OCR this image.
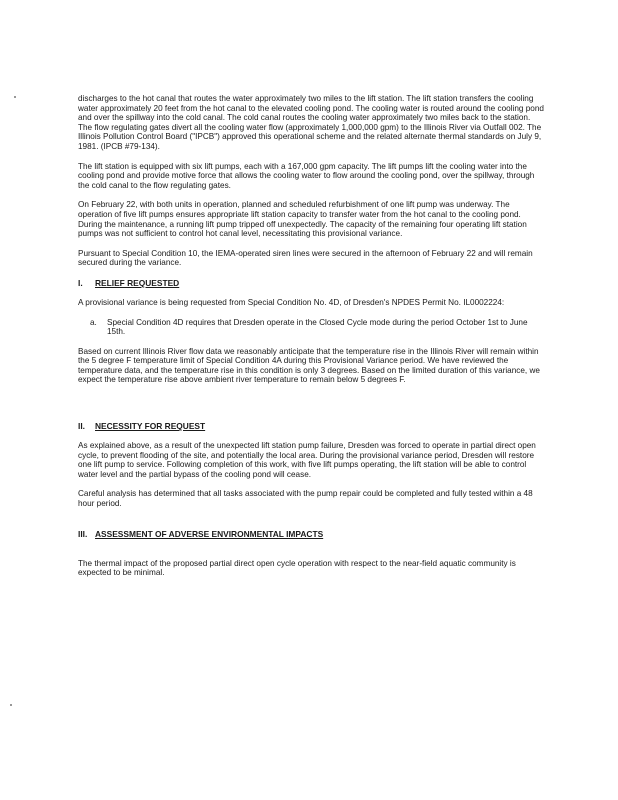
discharges to the hot canal that routes the water approximately two miles to the lift station. The lift station transfers the cooling water approximately 20 feet from the hot canal to the elevated cooling pond. The cooling water is routed around the cooling pond and over the spillway into the cold canal. The cold canal routes the cooling water approximately two miles back to the station. The flow regulating gates divert all the cooling water flow (approximately 1,000,000 gpm) to the Illinois River via Outfall 002. The Illinois Pollution Control Board ("IPCB") approved this operational scheme and the related alternate thermal standards on July 9, 1981. (IPCB #79-134).

The lift station is equipped with six lift pumps, each with a 167,000 gpm capacity. The lift pumps lift the cooling water into the cooling pond and provide motive force that allows the cooling water to flow around the cooling pond, over the spillway, through the cold canal to the flow regulating gates.

On February 22, with both units in operation, planned and scheduled refurbishment of one lift pump was underway. The operation of five lift pumps ensures appropriate lift station capacity to transfer water from the hot canal to the cooling pond. During the maintenance, a running lift pump tripped off unexpectedly. The capacity of the remaining four operating lift station pumps was not sufficient to control hot canal level, necessitating this provisional variance.

Pursuant to Special Condition 10, the IEMA-operated siren lines were secured in the afternoon of February 22 and will remain secured during the variance.

I.	RELIEF REQUESTED

A provisional variance is being requested from Special Condition No. 4D, of Dresden's NPDES Permit No. IL0002224:

a.	Special Condition 4D requires that Dresden operate in the Closed Cycle mode during the period October 1st to June 15th.

Based on current Illinois River flow data we reasonably anticipate that the temperature rise in the Illinois River will remain within the 5 degree F temperature limit of Special Condition 4A during this Provisional Variance period. We have reviewed the temperature data, and the temperature rise in this condition is only 3 degrees. Based on the limited duration of this variance, we expect the temperature rise above ambient river temperature to remain below 5 degrees F.

II.	NECESSITY FOR REQUEST

As explained above, as a result of the unexpected lift station pump failure, Dresden was forced to operate in partial direct open cycle, to prevent flooding of the site, and potentially the local area. During the provisional variance period, Dresden will restore one lift pump to service. Following completion of this work, with five lift pumps operating, the lift station will be able to control water level and the partial bypass of the cooling pond will cease.

Careful analysis has determined that all tasks associated with the pump repair could be completed and fully tested within a 48 hour period.

III. ASSESSMENT OF ADVERSE ENVIRONMENTAL IMPACTS

The thermal impact of the proposed partial direct open cycle operation with respect to the near-field aquatic community is expected to be minimal.
